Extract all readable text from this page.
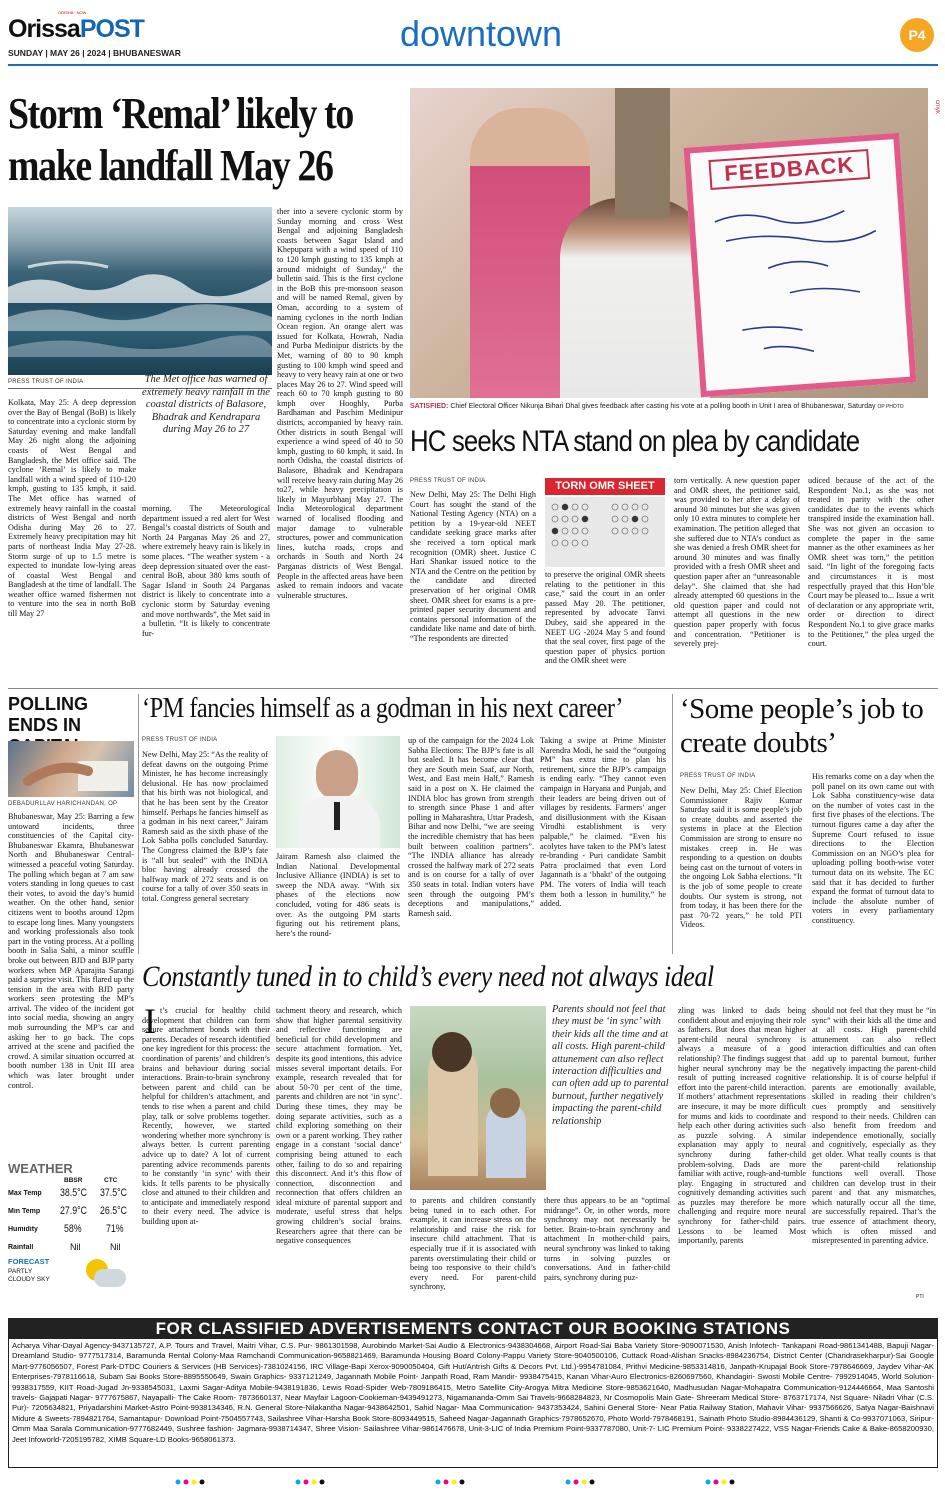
OrissaPOST
ODISHA · NOW
SUNDAY | MAY 26 | 2024 | BHUBANESWAR	downtown	P4
Storm ‘Remal’ likely to make landfall May 26
PRESS TRUST OF INDIA	The Met office has warned of extremely heavy rainfall in the coastal districts of Balasore, Bhadrak and Kendrapara during May 26 to 27
Kolkata, May 25: A deep depression over the Bay of Bengal (BoB) is likely to concentrate into a cyclonic storm by Saturday evening and make landfall May 26 night along the adjoining coasts of West Bengal and Bangladesh, the Met office said. The cyclone ‘Remal’ is likely to make landfall with a wind speed of 110-120 kmph, gusting to 135 kmph, it said. The Met office has warned of extremely heavy rainfall in the coastal districts of West Bengal and north Odisha during May 26 to 27. Extremely heavy precipitation may hit parts of northeast India May 27-28. Storm surge of up to 1.5 metre is expected to inundate low-lying areas of coastal West Bengal and Bangladesh at the time of landfall. The weather office warned fishermen not to venture into the sea in north BoB till May 27
morning. The Meteorological department issued a red alert for West Bengal’s coastal districts of South and North 24 Parganas May 26 and 27, where extremely heavy rain is likely in some places. “The weather system - a deep depression situated over the east-central BoB, about 380 kms south of Sagar Island in South 24 Parganas district is likely to concentrate into a cyclonic storm by Saturday evening and move northwards”, the Met said in a bulletin. “It is likely to concentrate fur-
ther into a severe cyclonic storm by Sunday morning and cross West Bengal and adjoining Bangladesh coasts between Sagar Island and Khepupara with a wind speed of 110 to 120 kmph gusting to 135 kmph at around midnight of Sunday,” the bulletin said. This is the first cyclone in the BoB this pre-monsoon season and will be named Remal, given by Oman, according to a system of naming cyclones in the north Indian Ocean region. An orange alert was issued for Kolkata, Howrah, Nadia and Purba Medinipur districts by the Met, warning of 80 to 90 kmph gusting to 100 kmph wind speed and heavy to very heavy rain at one or two places May 26 to 27. Wind speed will reach 60 to 70 kmph gusting to 80 kmph over Hooghly, Purba Bardhaman and Paschim Medinipur districts, accompanied by heavy rain. Other districts in south Bengal will experience a wind speed of 40 to 50 kmph, gusting to 60 kmph, it said. In north Odisha, the coastal districts of Balasore, Bhadrak and Kendrapara will receive heavy rain during May 26 to27, while heavy precipitation is likely in Mayurbhanj May 27. The India Meteorological department warned of localised flooding and major damage to vulnerable structures, power and communication lines, kutcha roads, crops and orchards in South and North 24 Parganas districts of West Bengal. People in the affected areas have been asked to remain indoors and vacate vulnerable structures.
FEEDBACK
SATISFIED: Chief Electoral Officer Nikunja Bihari Dhal gives feedback after casting his vote at a polling booth in Unit I area of Bhubaneswar, Saturday OP PHOTO
HC seeks NTA stand on plea by candidate
PRESS TRUST OF INDIA
New Delhi, May 25: The Delhi High Court has sought the stand of the National Testing Agency (NTA) on a petition by a 19-year-old NEET candidate seeking grace marks after she received a torn optical mark recognition (OMR) sheet. Justice C Hari Shankar issued notice to the NTA and the Centre on the petition by the candidate and directed preservation of her original OMR sheet. OMR sheet for exams is a pre-printed paper security document and contains personal information of the candidate like name and date of birth. “The respondents are directed
TORN OMR SHEET
to preserve the original OMR sheets relating to the petitioner in this case,” said the court in an order passed May 20. The petitioner, represented by advocate Tanvi Dubey, said she appeared in the NEET UG -2024 May 5 and found that the seal cover, first page of the question paper of physics portion and the OMR sheet were
torn vertically. A new question paper and OMR sheet, the petitioner said, was provided to her after a delay of around 30 minutes but she was given only 10 extra minutes to complete her examination. The petition alleged that she suffered due to NTA’s conduct as she was denied a fresh OMR sheet for around 30 minutes and was finally provided with a fresh OMR sheet and question paper after an “unreasonable delay”. She claimed that she had already attempted 60 questions in the old question paper and could not attempt all questions in the new question paper properly with focus and concentration. “Petitioner is severely prej-
udiced because of the act of the Respondent No.1, as she was not treated in parity with the other candidates due to the events which transpired inside the examination hall. She was not given an occasion to complete the paper in the same manner as the other examinees as her OMR sheet was torn,” the petition said. “In light of the foregoing facts and circumstances it is most respectfully prayed that this Hon’ble Court may be pleased to... Issue a writ of declaration or any appropriate writ, order or direction to direct Respondent No.1 to give grace marks to the Petitioner,” the plea urged the court.
POLLING ENDS IN
DEBADURLLAV HARICHANDAN, OP
Bhubaneswar, May 25: Barring a few untoward incidents, three constituencies of the Capital city- Bhubaneswar Ekamra, Bhubaneswar North and Bhubaneswar Central- witnessed a peaceful voting Saturday. The polling which began at 7 am saw voters standing in long queues to cast their votes, to avoid the day’s humid weather. On the other hand, senior citizens went to booths around 12pm to escape long lines. Many youngsters and working professionals also took part in the voting process. At a polling booth in Salia Sahi, a minor scuffle broke out between BJD and BJP party workers when MP Aparajita Sarangi paid a surprise visit. This flared up the tension in the area with BJD party workers seen protesting the MP’s arrival. The video of the incident got into social media, showing an angry mob surrounding the MP’s car and asking her to go back. The cops arrived at the scene and pacified the crowd. A similar situation occurred at booth number 138 in Unit III area which was later brought under control.
WEATHER
BBSR	CTC
Max Temp 38.5°C 37.5°C
Min Temp 27.9°C 26.5°C
Humidity 58% 71%
Rainfall	Nil	Nil
FORECAST
PARTLY CLOUDY SKY
‘PM fancies himself as a godman in his next career’
PRESS TRUST OF INDIA
New Delhi, May 25: “As the reality of defeat dawns on the outgoing Prime Minister, he has become increasingly delusional. He has now proclaimed that his birth was not biological, and that he has been sent by the Creator himself. Perhaps he fancies himself as a godman in his next career,” Jairam Ramesh said as the sixth phase of the Lok Sabha polls concluded Saturday. The Congress claimed the BJP’s fate is “all but sealed” with the INDIA bloc having already crossed the halfway mark of 272 seats and is on course for a tally of over 350 seats in total. Congress general secretary
Jairam Ramesh also claimed the Indian National Developmental Inclusive Alliance (INDIA) is set to sweep the NDA away. “With six phases of the elections now concluded, voting for 486 seats is over. As the outgoing PM starts figuring out his retirement plans, here’s the round-
up of the campaign for the 2024 Lok Sabha Elections: The BJP’s fate is all but sealed. It has become clear that they are South mein Saaf, aur North, West, and East mein Half,” Ramesh said in a post on X. He claimed the INDIA bloc has grown from strength to strength since Phase 1 and after polling in Maharashtra, Uttar Pradesh, Bihar and now Delhi, “we are seeing the incredible chemistry that has been built between coalition partners”. “The INDIA alliance has already crossed the halfway mark of 272 seats and is on course for a tally of over 350 seats in total. Indian voters have seen through the outgoing PM’s deceptions and manipulations,” Ramesh said.
Taking a swipe at Prime Minister Narendra Modi, he said the “outgoing PM” has extra time to plan his retirement, since the BJP’s campaign is ending early. “They cannot even campaign in Haryana and Punjab, and their leaders are being driven out of villages by residents. Farmers’ anger and disillusionment with the Kisaan Virodhi establishment is very palpable,” he claimed. “Even his acolytes have taken to the PM’s latest re-branding - Puri candidate Sambit Patra proclaimed that even Lord Jagannath is a ‘bhakt’ of the outgoing PM. The voters of India will teach them both a lesson in humility,” he added.
‘Some people’s job to create doubts’
PRESS TRUST OF INDIA
New Delhi, May 25: Chief Election Commissioner Rajiv Kumar Saturday said it is some people’s job to create doubts and asserted the systems in place at the Election Commission are strong to ensure no mistakes creep in. He was responding to a question on doubts being cast on the turnout of voters in the ongoing Lok Sabha elections. “It is the job of some people to create doubts. Our system is strong, not from today, it has been there for the past 70-72 years,” he told PTI Videos.
His remarks come on a day when the poll panel on its own came out with Lok Sabha constituency-wise data on the number of votes cast in the first five phases of the elections. The turnout figures came a day after the Supreme Court refused to issue directions to the Election Commission on an NGO’s plea for uploading polling booth-wise voter turnout data on its website. The EC said that it has decided to further expand the format of turnout data to include the absolute number of voters in every parliamentary constituency.
Constantly tuned in to child’s every need not always ideal
I t’s crucial for healthy child development that children can form secure attachment bonds with their parents. Decades of research identified one key ingredient for this process: the coordination of parents’ and children’s brains and behaviour during social interactions. Brain-to-brain synchrony between parent and child can be helpful for children’s attachment, and tends to rise when a parent and child play, talk or solve problems together. Recently, however, we started wondering whether more synchrony is always better. Is current parenting advice up to date? A lot of current parenting advice recommends parents to be constantly ‘in sync’ with their kids. It tells parents to be physically close and attuned to their children and to anticipate and immediately respond to their every need. The advice is building upon at-
tachment theory and research, which show that higher parental sensitivity and reflective functioning are beneficial for child development and secure attachment formation. Yet, despite its good intentions, this advice misses several important details. For example, research revealed that for about 50-70 per cent of the time, parents and children are not ‘in sync’. During these times, they may be doing separate activities, such as a child exploring something on their own or a parent working. They rather engage in a constant ‘social dance’ comprising being attuned to each other, failing to do so and repairing this disconnect. And it’s this flow of connection, disconnection and reconnection that offers children an ideal mixture of parental support and moderate, useful stress that helps growing children’s social brains. Researchers agree that there can be negative consequences
Parents should not feel that they must be ‘in sync’ with their kids all the time and at all costs. High parent-child attunement can also reflect interaction difficulties and can often add up to parental burnout, further negatively impacting the parent-child relationship
to parents and children constantly being tuned in to each other. For example, it can increase stress on the relationship and raise the risk for insecure child attachment. That is especially true if it is associated with parents overstimulating their child or being too responsive to their child’s every need. For parent-child synchrony,
there thus appears to be an “optimal midrange”. Or, in other words, more synchrony may not necessarily be better. Brain-to-brain synchrony and attachment In mother-child pairs, neural synchrony was linked to taking turns in solving puzzles or conversations. And in father-child pairs, synchrony during puz-
zling was linked to dads being confident about and enjoying their role as fathers. But does that mean higher parent-child neural synchrony is always a measure of a good relationship? The findings suggest that higher neural synchrony may be the result of putting increased cognitive effort into the parent-child interaction. If mothers’ attachment representations are insecure, it may be more difficult for mums and kids to coordinate and help each other during activities such as puzzle solving. A similar explanation may apply to neural synchrony during father-child problem-solving. Dads are more familiar with active, rough-and-tumble play. Engaging in structured and cognitively demanding activities such as puzzles may therefore be more challenging and require more neural synchrony for father-child pairs. Lessons to be learned Most importantly, parents
should not feel that they must be “in sync” with their kids all the time and at all costs. High parent-child attunement can also reflect interaction difficulties and can often add up to parental burnout, further negatively impacting the parent-child relationship. It is of course helpful if parents are emotionally available, skilled in reading their children’s cues promptly and sensitively respond to their needs. Children can also benefit from freedom and independence emotionally, socially and cognitively, especially as they get older. What really counts is that the parent-child relationship functions well overall. Those children can develop trust in their parent and that any mismatches, which naturally occur all the time, are successfully repaired. That’s the true essence of attachment theory, which is often missed and misrepresented in parenting advice.
PTI
FOR CLASSIFIED ADVERTISEMENTS CONTACT OUR BOOKING STATIONS
Acharya Vihar-Dayal Agency-9437135727, A.P. Tours and Travel, Maitri Vihar, C.S. Pur- 9861301598, Aurobindo Market-Sai Audio & Electronics-9438304668, Airport Road-Sai Baba Variety Store-9090071530, Anish Infotech- Tankapani Road-9861341488, Bapuji Nagar- Dreamland Studio- 9777517314, Baramunda Rental Colony-Maa Ramchandi Communication-9658821469, Baramunda Housing Board Colony-Pappu Variety Store-9040500106, Cuttack Road-Alishan Snacks-8984236754, District Center (Chandrasekharpur)-Sai Google Mart-9776056507, Forest Park-DTDC Couriers & Services (HB Services)-7381024156, IRC Village-Bapi Xerox-9090050404, Gift Hut/Antrish Gifts & Decors Pvt. Ltd.)-9954781084, Prithvi Medicine-9853314816, Janpath-Krupajal Book Store-7978646669, Jaydev Vihar-AK Enterprises-7978116618, Subam Sai Books Store-8895550649, Swain Graphics- 9337121249, Jagannath Mobile Point- Janpath Road, Ram Mandir- 9938475415, Kanan Vihar-Auro Electronics-8260697560, Khandagiri- Swosti Mobile Centre- 7992914045, World Solution- 9938317559, KIIT Road-Jugad Jn-9338545031, Laxmi Sagar-Aditya Mobile-9438191836, Lewis Road-Spider Web-7809186415, Metro Satellite City-Arogya Mitra Medicine Store-9853621640, Madhusudan Nagar-Mohapatra Communication-9124446664, Maa Santoshi travels- Gajapati Nagar- 9777675867, Nayapalli- The Cake Room- 7873660137, Near Mayfair Lagoon-Cookieman-9439491273, Nigamananda-Omm Sai Travels-9668284823, Nr Cosmopolis Main Gate- Shreeram Medical Store- 8763717174, Nst Square- Niladri Vihar (C.S. Pur)- 7205634821, Priyadarshini Market-Astro Point-9938134346, R.N. General Store-Nilakantha Nagar-9438642501, Sahid Nagar- Maa Communication- 9437353424, Sahini General Store- Near Patia Railway Station, Mahavir Vihar- 9937566626, Satya Nagar-Baishnavi Midure & Sweets-7894821764, Samantapur- Download Point-7504557743, Sailashree Vihar-Harsha Book Store-8093449515, Saheed Nagar-Jagannath Graphics-7978652670, Photo World-7978468191, Sainath Photo Studio-8984436129, Shanti & Co-9937071063, Siripur-Omm Maa Sarala Communication-9777682449, Sushree fashion- Jagmara-9938714347, Shree Vision- Sailashree Vihar-9861476678, Unit-3-LIC of India Premium Point-9337787080, Unit-7- LIC Premium Point- 9338227422, VSS Nagar-Friends Cake & Bake-8658200930, Jeet Infoworld-7205195782, XIMB Square-LD Books-9658061373.
cmyk
